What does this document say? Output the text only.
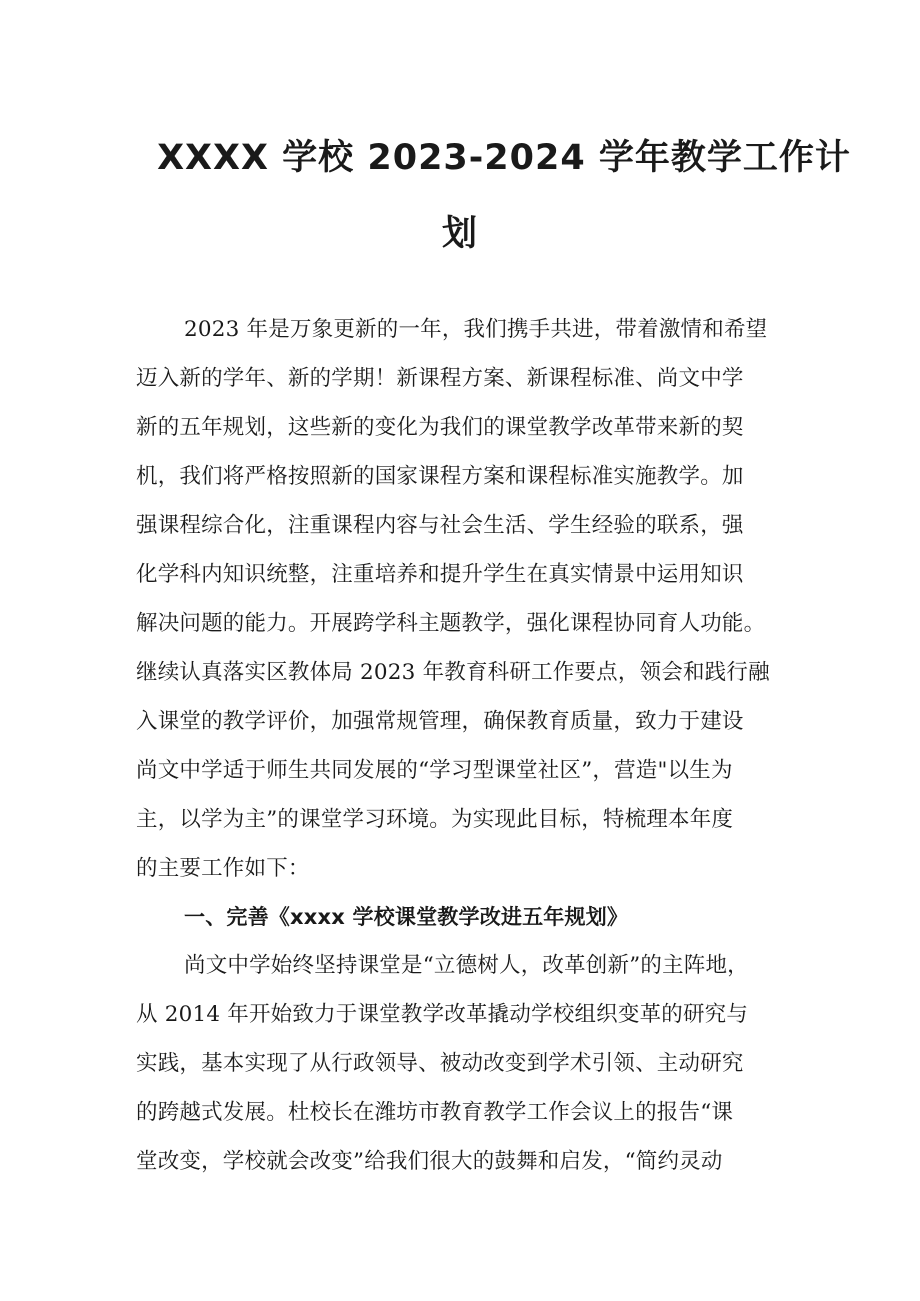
XXXX 学校 2023-2024 学年教学工作计
划
2023 年是万象更新的一年，我们携手共进，带着激情和希望
迈入新的学年、新的学期！新课程方案、新课程标准、尚文中学
新的五年规划，这些新的变化为我们的课堂教学改革带来新的契
机，我们将严格按照新的国家课程方案和课程标准实施教学。加
强课程综合化，注重课程内容与社会生活、学生经验的联系，强
化学科内知识统整，注重培养和提升学生在真实情景中运用知识
解决问题的能力。开展跨学科主题教学，强化课程协同育人功能。
继续认真落实区教体局 2023 年教育科研工作要点，领会和践行融
入课堂的教学评价，加强常规管理，确保教育质量，致力于建设
尚文中学适于师生共同发展的“学习型课堂社区”，营造"以生为
主，以学为主”的课堂学习环境。为实现此目标，特梳理本年度
的主要工作如下：
一、完善《xxxx 学校课堂教学改进五年规划》
尚文中学始终坚持课堂是“立德树人，改革创新”的主阵地，
从 2014 年开始致力于课堂教学改革撬动学校组织变革的研究与
实践，基本实现了从行政领导、被动改变到学术引领、主动研究
的跨越式发展。杜校长在潍坊市教育教学工作会议上的报告“课
堂改变，学校就会改变”给我们很大的鼓舞和启发，“简约灵动
